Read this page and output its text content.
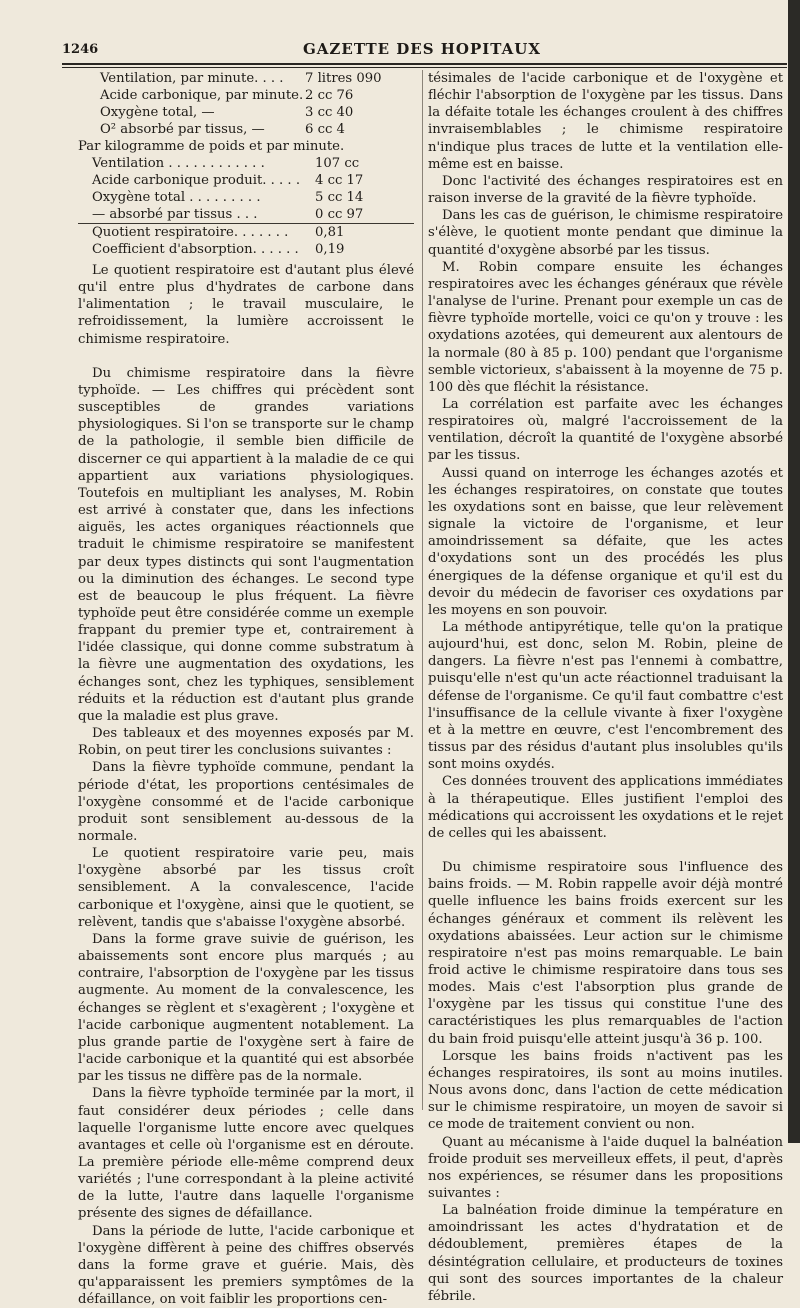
1246	GAZETTE DES HOPITAUX
Ventilation, par minute. . . . 7 litres 090
Acide carbonique, par minute. 2 cc 76
Oxygène total, —	3 cc 40
O² absorbé par tissus, —	6 cc 4
Par kilogramme de poids et par minute.
Ventilation . . . . . . . . . . . .	107 cc
Acide carbonique produit. . . . . 4 cc 17
Oxygène total . . . . . . . . .	5 cc 14
— absorbé par tissus . . .	0 cc 97
Quotient respiratoire. . . . . . . 0,81
Coefficient d'absorption. . . . . . 0,19

Le quotient respiratoire est d'autant plus élevé qu'il entre plus d'hydrates de carbone dans l'alimentation ; le travail musculaire, le refroidissement, la lumière accroissent le chimisme respiratoire.

Du chimisme respiratoire dans la fièvre typhoïde. — Les chiffres qui précèdent sont susceptibles de grandes variations physiologiques. Si l'on se transporte sur le champ de la pathologie, il semble bien difficile de discerner ce qui appartient à la maladie de ce qui appartient aux variations physiologiques. Toutefois en multipliant les analyses, M. Robin est arrivé à constater que, dans les infections aiguës, les actes organiques réactionnels que traduit le chimisme respiratoire se manifestent par deux types distincts qui sont l'augmentation ou la diminution des échanges. Le second type est de beaucoup le plus fréquent. La fièvre typhoïde peut être considérée comme un exemple frappant du premier type et, contrairement à l'idée classique, qui donne comme substratum à la fièvre une augmentation des oxydations, les échanges sont, chez les typhiques, sensiblement réduits et la réduction est d'autant plus grande que la maladie est plus grave.

Des tableaux et des moyennes exposés par M. Robin, on peut tirer les conclusions suivantes :

Dans la fièvre typhoïde commune, pendant la période d'état, les proportions centésimales de l'oxygène consommé et de l'acide carbonique produit sont sensiblement au-dessous de la normale.

Le quotient respiratoire varie peu, mais l'oxygène absorbé par les tissus croît sensiblement. A la convalescence, l'acide carbonique et l'oxygène, ainsi que le quotient, se relèvent, tandis que s'abaisse l'oxygène absorbé.

Dans la forme grave suivie de guérison, les abaissements sont encore plus marqués ; au contraire, l'absorption de l'oxygène par les tissus augmente. Au moment de la convalescence, les échanges se règlent et s'exagèrent ; l'oxygène et l'acide carbonique augmentent notablement. La plus grande partie de l'oxygène sert à faire de l'acide carbonique et la quantité qui est absorbée par les tissus ne diffère pas de la normale.

Dans la fièvre typhoïde terminée par la mort, il faut considérer deux périodes ; celle dans laquelle l'organisme lutte encore avec quelques avantages et celle où l'organisme est en déroute. La première période elle-même comprend deux variétés ; l'une correspondant à la pleine activité de la lutte, l'autre dans laquelle l'organisme présente des signes de défaillance.

Dans la période de lutte, l'acide carbonique et l'oxygène diffèrent à peine des chiffres observés dans la forme grave et guérie. Mais, dès qu'apparaissent les premiers symptômes de la défaillance, on voit faiblir les proportions cen-

tésimales de l'acide carbonique et de l'oxygène et fléchir l'absorption de l'oxygène par les tissus. Dans la défaite totale les échanges croulent à des chiffres invraisemblables ; le chimisme respiratoire n'indique plus traces de lutte et la ventilation elle-même est en baisse.

Donc l'activité des échanges respiratoires est en raison inverse de la gravité de la fièvre typhoïde.

Dans les cas de guérison, le chimisme respiratoire s'élève, le quotient monte pendant que diminue la quantité d'oxygène absorbé par les tissus.

M. Robin compare ensuite les échanges respiratoires avec les échanges généraux que révèle l'analyse de l'urine. Prenant pour exemple un cas de fièvre typhoïde mortelle, voici ce qu'on y trouve : les oxydations azotées, qui demeurent aux alentours de la normale (80 à 85 p. 100) pendant que l'organisme semble victorieux, s'abaissent à la moyenne de 75 p. 100 dès que fléchit la résistance.

La corrélation est parfaite avec les échanges respiratoires où, malgré l'accroissement de la ventilation, décroît la quantité de l'oxygène absorbé par les tissus.

Aussi quand on interroge les échanges azotés et les échanges respiratoires, on constate que toutes les oxydations sont en baisse, que leur relèvement signale la victoire de l'organisme, et leur amoindrissement sa défaite, que les actes d'oxydations sont un des procédés les plus énergiques de la défense organique et qu'il est du devoir du médecin de favoriser ces oxydations par les moyens en son pouvoir.

La méthode antipyrétique, telle qu'on la pratique aujourd'hui, est donc, selon M. Robin, pleine de dangers. La fièvre n'est pas l'ennemi à combattre, puisqu'elle n'est qu'un acte réactionnel traduisant la défense de l'organisme. Ce qu'il faut combattre c'est l'insuffisance de la cellule vivante à fixer l'oxygène et à la mettre en œuvre, c'est l'encombrement des tissus par des résidus d'autant plus insolubles qu'ils sont moins oxydés.

Ces données trouvent des applications immédiates à la thérapeutique. Elles justifient l'emploi des médications qui accroissent les oxydations et le rejet de celles qui les abaissent.

Du chimisme respiratoire sous l'influence des bains froids. — M. Robin rappelle avoir déjà montré quelle influence les bains froids exercent sur les échanges généraux et comment ils relèvent les oxydations abaissées. Leur action sur le chimisme respiratoire n'est pas moins remarquable. Le bain froid active le chimisme respiratoire dans tous ses modes. Mais c'est l'absorption plus grande de l'oxygène par les tissus qui constitue l'une des caractéristiques les plus remarquables de l'action du bain froid puisqu'elle atteint jusqu'à 36 p. 100.

Lorsque les bains froids n'activent pas les échanges respiratoires, ils sont au moins inutiles. Nous avons donc, dans l'action de cette médication sur le chimisme respiratoire, un moyen de savoir si ce mode de traitement convient ou non.

Quant au mécanisme à l'aide duquel la balnéation froide produit ses merveilleux effets, il peut, d'après nos expériences, se résumer dans les propositions suivantes :

La balnéation froide diminue la température en amoindrissant les actes d'hydratation et de dédoublement, premières étapes de la désintégration cellulaire, et producteurs de toxines qui sont des sources importantes de la chaleur fébrile.
